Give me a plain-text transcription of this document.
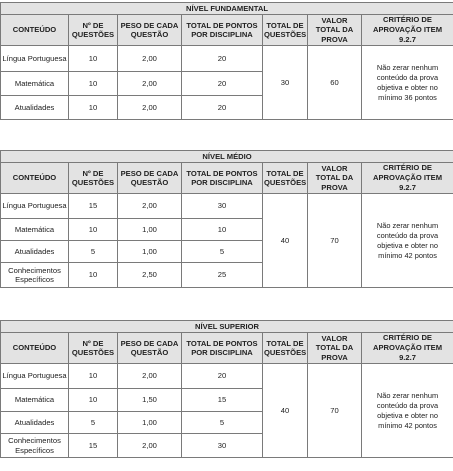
NÍVEL FUNDAMENTAL						
CONTEÚDO	Nº DE QUESTÕES	PESO DE CADA QUESTÃO	TOTAL DE PONTOS POR DISCIPLINA	TOTAL DE QUESTÕES	VALOR TOTAL DA PROVA	CRITÉRIO DE APROVAÇÃO ITEM 9.2.7
Língua Portuguesa	10	2,00	20	30	60	Não zerar nenhum conteúdo da prova objetiva e obter no mínimo 36 pontos
Matemática	10	2,00	20			
Atualidades	10	2,00	20			
NÍVEL MÉDIO						
CONTEÚDO	Nº DE QUESTÕES	PESO DE CADA QUESTÃO	TOTAL DE PONTOS POR DISCIPLINA	TOTAL DE QUESTÕES	VALOR TOTAL DA PROVA	CRITÉRIO DE APROVAÇÃO ITEM 9.2.7
Língua Portuguesa	15	2,00	30	40	70	Não zerar nenhum conteúdo da prova objetiva e obter no mínimo 42 pontos
Matemática	10	1,00	10			
Atualidades	5	1,00	5			
Conhecimentos Específicos	10	2,50	25			
NÍVEL SUPERIOR						
CONTEÚDO	Nº DE QUESTÕES	PESO DE CADA QUESTÃO	TOTAL DE PONTOS POR DISCIPLINA	TOTAL DE QUESTÕES	VALOR TOTAL DA PROVA	CRITÉRIO DE APROVAÇÃO ITEM 9.2.7
Língua Portuguesa	10	2,00	20	40	70	Não zerar nenhum conteúdo da prova objetiva e obter no mínimo 42 pontos
Matemática	10	1,50	15			
Atualidades	5	1,00	5			
Conhecimentos Específicos	15	2,00	30			
